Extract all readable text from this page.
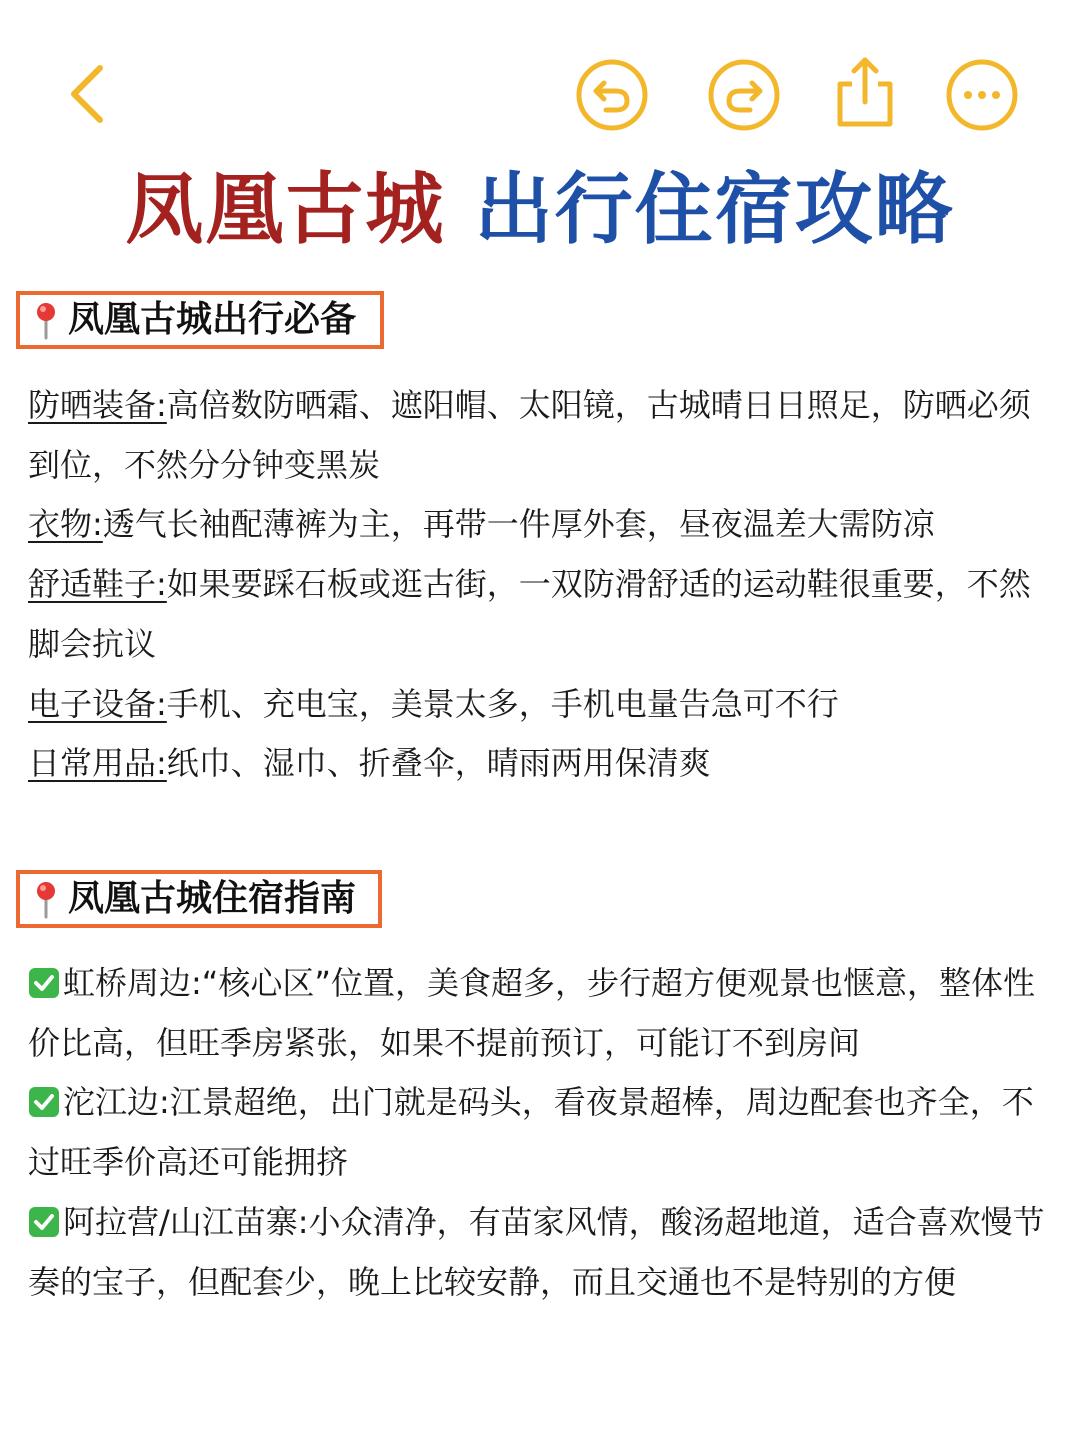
凤凰古城 出行住宿攻略
凤凰古城出行必备

防晒装备:高倍数防晒霜、遮阳帽、太阳镜，古城晴日日照足，防晒必须到位，不然分分钟变黑炭

衣物:透气长袖配薄裤为主，再带一件厚外套，昼夜温差大需防凉

舒适鞋子:如果要踩石板或逛古街，一双防滑舒适的运动鞋很重要，不然脚会抗议

电子设备:手机、充电宝，美景太多，手机电量告急可不行

日常用品:纸巾、湿巾、折叠伞，晴雨两用保清爽

凤凰古城住宿指南

虹桥周边:“核心区”位置，美食超多，步行超方便观景也惬意，整体性价比高，但旺季房紧张，如果不提前预订，可能订不到房间

沱江边:江景超绝，出门就是码头，看夜景超棒，周边配套也齐全，不过旺季价高还可能拥挤

阿拉营/山江苗寨:小众清净，有苗家风情，酸汤超地道，适合喜欢慢节奏的宝子，但配套少，晚上比较安静，而且交通也不是特别的方便
